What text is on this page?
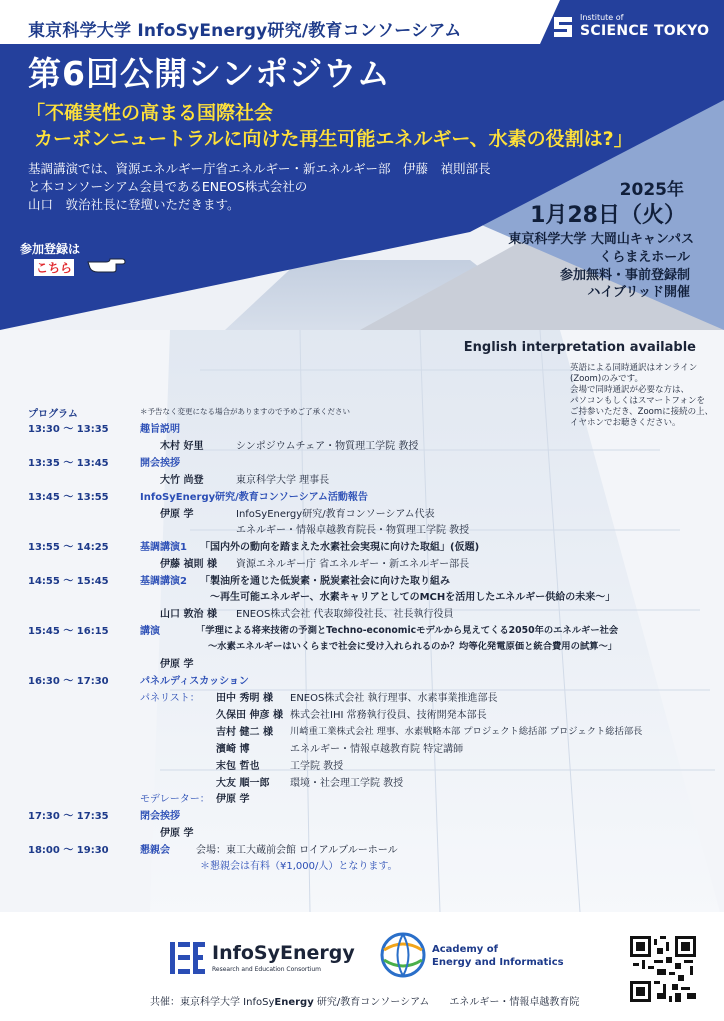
東京科学大学 InfoSyEnergy研究/教育コンソーシアム
Institute of
SCIENCE TOKYO
第6回公開シンポジウム
「不確実性の高まる国際社会
カーボンニュートラルに向けた再生可能エネルギー、水素の役割は?」
基調講演では、資源エネルギー庁省エネルギー・新エネルギー部　伊藤　禎則部長
と本コンソーシアム会員であるENEOS株式会社の
山口　敦治社長に登壇いただきます。
2025年
1月28日（火）
東京科学大学 大岡山キャンパス
くらまえホール
参加無料・事前登録制
ハイブリッド開催
参加登録は
こちら
English interpretation available
英語による同時通訳はオンライン
(Zoom)のみです。
会場で同時通訳が必要な方は、
パソコンもしくはスマートフォンを
ご持参いただき、Zoomに接続の上、
イヤホンでお聴きください。
プログラム	＊予告なく変更になる場合がありますので予めご了承ください
13:30 ～ 13:35	趣旨説明
木村 好里	シンポジウムチェア・物質理工学院 教授
13:35 ～ 13:45	開会挨拶
大竹 尚登	東京科学大学 理事長
13:45 ～ 13:55	InfoSyEnergy研究/教育コンソーシアム活動報告
伊原 学	InfoSyEnergy研究/教育コンソーシアム代表
エネルギー・情報卓越教育院長・物質理工学院 教授
13:55 ～ 14:25	基調講演1 「国内外の動向を踏まえた水素社会実現に向けた取組」(仮題)
伊藤 禎則 様 資源エネルギー庁 省エネルギー・新エネルギー部長
14:55 ～ 15:45	基調講演2 「製油所を通じた低炭素・脱炭素社会に向けた取り組み
～再生可能エネルギー、水素キャリアとしてのMCHを活用したエネルギー供給の未来～」
山口 敦治 様 ENEOS株式会社 代表取締役社長、社長執行役員
15:45 ～ 16:15	講演	「学理による将来技術の予測とTechno-economicモデルから見えてくる2050年のエネルギー社会
～水素エネルギーはいくらまで社会に受け入れられるのか？均等化発電原価と統合費用の試算～」
伊原 学
16:30 ～ 17:30	パネルディスカッション
パネリスト： 田中 秀明 様 ENEOS株式会社 執行理事、水素事業推進部長
久保田 伸彦 様 株式会社IHI 常務執行役員、技術開発本部長
吉村 健二 様 川崎重工業株式会社 理事、水素戦略本部 プロジェクト総括部 プロジェクト総括部長
濱崎 博	エネルギー・情報卓越教育院 特定講師
末包 哲也	工学院 教授
大友 順一郎 環境・社会理工学院 教授
モデレーター： 伊原 学
17:30 ～ 17:35	閉会挨拶
伊原 学
18:00 ～ 19:30	懇親会	会場：東工大蔵前会館 ロイアルブルーホール
＊懇親会は有料（¥1,000/人）となります。
InfoSyEnergy
Research and Education Consortium
Academy of
Energy and Informatics
共催：東京科学大学 InfoSyEnergy 研究/教育コンソーシアム　　エネルギー・情報卓越教育院
